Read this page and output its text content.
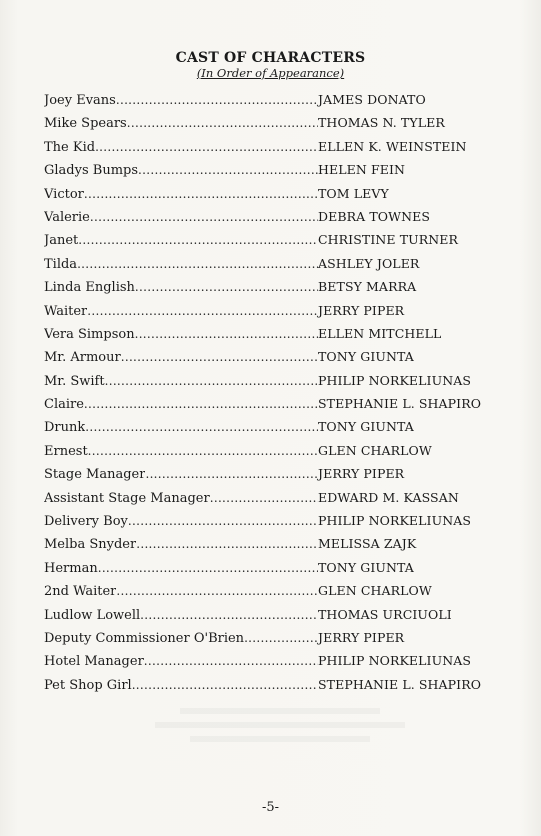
CAST OF CHARACTERS
(In Order of Appearance)
Joey Evans .....	JAMES DONATO
Mike Spears .....	THOMAS N. TYLER
The Kid .....	ELLEN K. WEINSTEIN
Gladys Bumps .....	HELEN FEIN
Victor .....	TOM LEVY
Valerie .....	DEBRA TOWNES
Janet .....	CHRISTINE TURNER
Tilda .....	ASHLEY JOLER
Linda English .....	BETSY MARRA
Waiter .....	JERRY PIPER
Vera Simpson .....	ELLEN MITCHELL
Mr. Armour .....	TONY GIUNTA
Mr. Swift .....	PHILIP NORKELIUNAS
Claire .....	STEPHANIE L. SHAPIRO
Drunk .....	TONY GIUNTA
Ernest .....	GLEN CHARLOW
Stage Manager .....	JERRY PIPER
Assistant Stage Manager .....	EDWARD M. KASSAN
Delivery Boy .....	PHILIP NORKELIUNAS
Melba Snyder .....	MELISSA ZAJK
Herman .....	TONY GIUNTA
2nd Waiter .....	GLEN CHARLOW
Ludlow Lowell .....	THOMAS URCIUOLI
Deputy Commissioner O'Brien .....	JERRY PIPER
Hotel Manager .....	PHILIP NORKELIUNAS
Pet Shop Girl .....	STEPHANIE L. SHAPIRO
-5-
